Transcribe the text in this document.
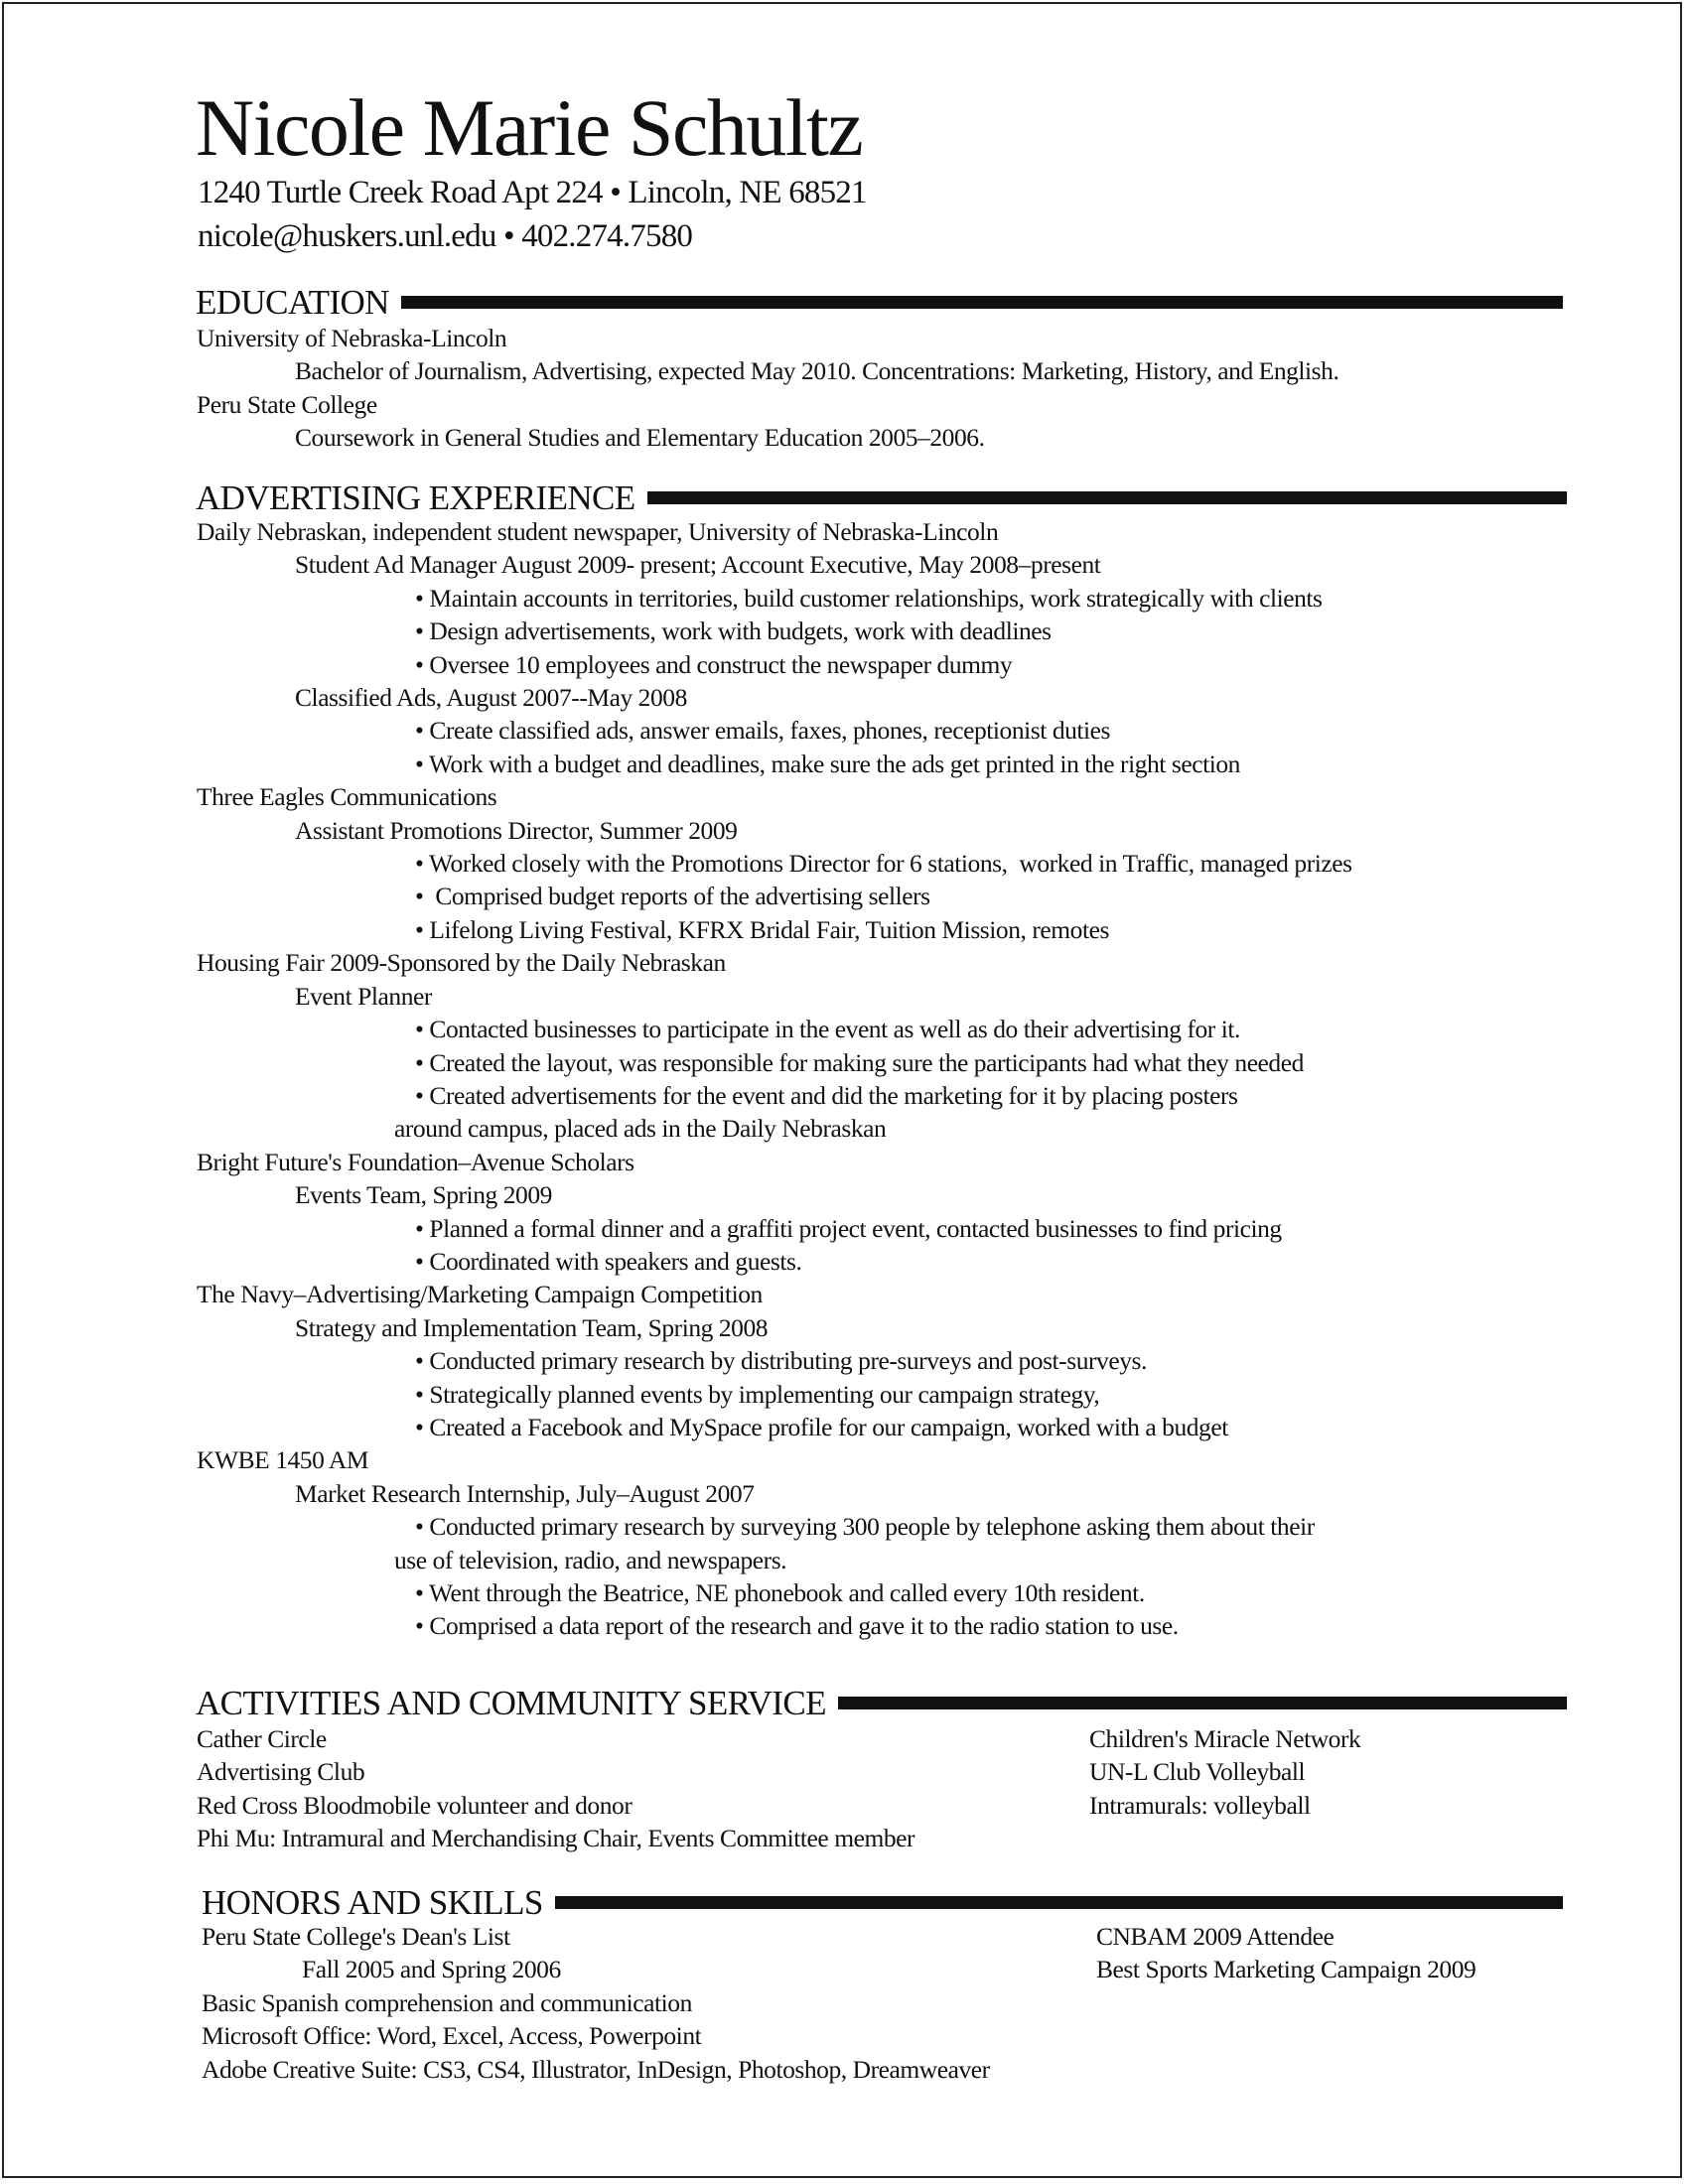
Nicole Marie Schultz
1240 Turtle Creek Road Apt 224 • Lincoln, NE 68521
nicole@huskers.unl.edu • 402.274.7580
EDUCATION
University of Nebraska-Lincoln
Bachelor of Journalism, Advertising, expected May 2010. Concentrations: Marketing, History, and English.
Peru State College
Coursework in General Studies and Elementary Education 2005–2006.
ADVERTISING EXPERIENCE
Daily Nebraskan, independent student newspaper, University of Nebraska-Lincoln
Student Ad Manager August 2009- present; Account Executive, May 2008–present
• Maintain accounts in territories, build customer relationships, work strategically with clients
• Design advertisements, work with budgets, work with deadlines
• Oversee 10 employees and construct the newspaper dummy
Classified Ads, August 2007--May 2008
• Create classified ads, answer emails, faxes, phones, receptionist duties
• Work with a budget and deadlines, make sure the ads get printed in the right section
Three Eagles Communications
Assistant Promotions Director, Summer 2009
• Worked closely with the Promotions Director for 6 stations,  worked in Traffic, managed prizes
•  Comprised budget reports of the advertising sellers
• Lifelong Living Festival, KFRX Bridal Fair, Tuition Mission, remotes
Housing Fair 2009-Sponsored by the Daily Nebraskan
Event Planner
• Contacted businesses to participate in the event as well as do their advertising for it.
• Created the layout, was responsible for making sure the participants had what they needed
• Created advertisements for the event and did the marketing for it by placing posters
around campus, placed ads in the Daily Nebraskan
Bright Future's Foundation–Avenue Scholars
Events Team, Spring 2009
• Planned a formal dinner and a graffiti project event, contacted businesses to find pricing
• Coordinated with speakers and guests.
The Navy–Advertising/Marketing Campaign Competition
Strategy and Implementation Team, Spring 2008
• Conducted primary research by distributing pre-surveys and post-surveys.
• Strategically planned events by implementing our campaign strategy,
• Created a Facebook and MySpace profile for our campaign, worked with a budget
KWBE 1450 AM
Market Research Internship, July–August 2007
• Conducted primary research by surveying 300 people by telephone asking them about their
use of television, radio, and newspapers.
• Went through the Beatrice, NE phonebook and called every 10th resident.
• Comprised a data report of the research and gave it to the radio station to use.
ACTIVITIES AND COMMUNITY SERVICE
Cather Circle
Advertising Club
Red Cross Bloodmobile volunteer and donor
Phi Mu: Intramural and Merchandising Chair, Events Committee member
Children's Miracle Network
UN-L Club Volleyball
Intramurals: volleyball
HONORS AND SKILLS
Peru State College's Dean's List
Fall 2005 and Spring 2006
Basic Spanish comprehension and communication
Microsoft Office: Word, Excel, Access, Powerpoint
Adobe Creative Suite: CS3, CS4, Illustrator, InDesign, Photoshop, Dreamweaver
CNBAM 2009 Attendee
Best Sports Marketing Campaign 2009
